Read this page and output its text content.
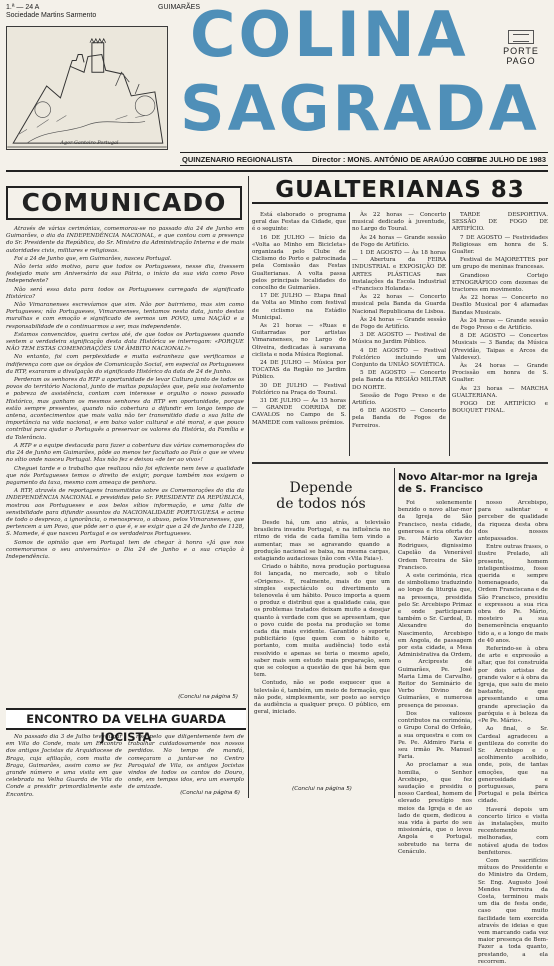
1.ª — 24 A
Sociedade Martins Sarmento
GUIMARÃES
Agor Ganteiro Portugal
COLINA
SAGRADA
PORTE
PAGO
QUINZENARIO REGIONALISTA	Director : MONS. ANTÓNIO DE ARAÚJO COSTA
15 DE JULHO DE 1983
COMUNICADO

Através de várias cerimónias, comemorou-se no passado dia 24 de Junho em Guimarães, o dia da INDEPENDÊNCIA NACIONAL, e que contou com a presença do Sr. Presidente da República, do Sr. Ministro da Administração Interna e de mais autoridades civis, militares e religiosas.

Foi a 24 de Junho que, em Guimarães, nasceu Portugal.

Não teria sido motivo, para que todos os Portugueses, nesse dia, tivessem festejado mais um Aniversário da sua Pátria, o início da sua vida como Povo Independente?

Não será essa data para todos os Portugueses carregada de significado Histórico?

Não Vimaranenses escrevíamos que sim. Não por bairrismo, mas sim como Portugueses; não Portugueses, Vimaranenses, tentamos nesta data, junto destas muralhas e com emoção e significado de sermos um POVO, uma NAÇÃO e a responsabilidade de o continuarmos a ser, mas independente.

Estamos convencidos, queira certos até, de que todos os Portugueses quando sentem a verdadeira significação desta data Histórica se interrogam: «PORQUE NÃO TEM ESTAS COMEMORAÇÕES UM ÂMBITO NACIONAL?»

No entanto, foi com perplexidade e muita estranheza que verificamos a indiferença com que os órgãos de Comunicação Social, em especial os Portugueses da RTP, exararam a divulgação do significado Histórico da data de 24 de Junho.

Perderam os senhores da RTP a oportunidade de levar Cultura junto de todos os povos do território Nacional, junto de muitas populações que, pela sua isolamento e pobreza de assistência, contam com interesse e orgulho o nosso passado Histórico, mas ganham os mesmos senhores da RTP em oportunidade, porque estão sempre presentes, quando não cobertura a difundir em longo tempo de antena, acontecimentos que mais valia não ter transmitido dada a sua falta de importância na vida nacional, e em baixo valor cultural e até moral, e que pouco contribui para ajudar o Português a preservar os valores da História, da Família e da Tolerância.

A RTP e a equipe destacada para fazer a cobertura das várias comemorações do dia 24 de Junho em Guimarães, pôde ao menos ter facultado ao País o que se viveu no sítio onde nasceu Portugal. Mas não fez e deixou «de ter ao vivo»!

Cheguei tarde e o trabalho que realizou não foi eficiente nem teve a qualidade que nós Portugueses temos o direito de exigir, porque também nos exigem o pagamento da taxa, mesmo com ameaça de penhora.

A RTP, através de reportagens transmitidas sobre as Comemorações do dia da INDEPENDÊNCIA NACIONAL e presididas pelo Sr. PRESIDENTE DA REPÚBLICA, mostrou aos Portugueses e aos belos sítios informação, e uma falta de sensibilidade para difundir assuntos da NACIONALIDADE PORTUGUESA e acima de todo o desprezo, a ignorância, o menosprezo, o abuso, pelos Vimaranenses, que pertencem a um Povo, que pôde ser o que é, e se exigir que a 24 de Junho de 1128, S. Mamede, é que nasceu Portugal e os verdadeiros Portugueses.

Somos de opinião que em Portugal tem de chegar à honra «Já que nos comemoramos o seu aniversário» o Dia 24 de Junho e a sua criação à Independência.

(Conclui na página 5)
GUALTERIANAS 83

Está elaborado o programa geral das Festas da Cidade, que é o seguinte:

16 DE JULHO — Início da «Volta ao Minho em Bicicleta» organizada pelo Clube de Ciclismo do Porto e patrocinada pela Comissão das Festas Gualterianas. A volta passa pelos principais localidades do concelho de Guimarães.

17 DE JULHO — Etapa final da Volta ao Minho com festival de ciclismo na Estádio Municipal.

As 21 horas — «Ruas e Guitarradas por artistas Vimaranenses, no Largo do Oliveira, dedicadas à saravana ciclista e noda Música Regional.

24 DE JULHO — Música por TOCATAS da Região no Jardim Público.

30 DE JULHO — Festival Folclórico na Praça do Toural.

31 DE JULHO — Às 15 horas — GRANDE CORRIDA DE CAVALOS no Campo de S. MAMEDE com valiosos prémios.

Às 22 horas — Concerto musical dedicado à juventude, no Largo do Toural.

Às 24 horas — Grande sessão de Fogo de Artifício.

1 DE AGOSTO — Às 18 horas — Abertura da FEIRA INDUSTRIAL e EXPOSIÇÃO DE ARTES PLÁSTICAS nas instalações da Escola Industrial «Francisco Holanda».

Às 22 horas — Concerto musical pela Banda da Guarda Nacional Republicana de Lisboa.

Às 24 horas — Grande sessão de Fogo de Artifício.

3 DE AGOSTO — Festival de Música no Jardim Público.

4 DE AGOSTO — Festival Folclórico incluindo um Conjunto da UNIÃO SOVIÉTICA.

5 DE AGOSTO — Concerto pela Banda da REGIÃO MILITAR DO NORTE.

Sessão de Fogo Preso e de Artifício.

6 DE AGOSTO — Concerto pela Banda de Fogos de Ferreiros.

TARDE DESPORTIVA. SESSÃO DE FOGO DE ARTIFÍCIO.

7 DE AGOSTO — Festividades Religiosas em honra de S. Gualter.

Festival de MAJORETTES por um grupo de meninas francesas.

Grandioso Cortejo ETNOGRÁFICO com dezenas de tractores em movimento.

Às 22 horas — Concerto no Desfilo Musical por 4 afamadas Bandas Musicais.

Às 24 horas — Grande sessão de Fogo Preso e de Artifício.

8 DE AGOSTO — Concertos Musicais — 3 Banda; da Música (Previdão, Taipas e Arcos de Valdevez).

Às 24 horas — Grande Procissão em honra de S. Gualter.

Às 23 horas — MARCHA GUALTERIANA.

FOGO DE ARTIFÍCIO e BOUQUET FINAL.

Depende
de todos nós

Desde há, um ano atrás, a televisão brasileira invadiu Portugal, e na influência no ritmo de vida de cada família tem vindo a aumentar, mas se agravando quando a produção nacional se baixa, na mesma cargas, estagiando audaciosas (não com «Vila Faia»).

Criado o hábito, nova produção portuguesa foi lançada, no mercado, sob o título «Origens». E, realmente, mais do que um simples espectáculo ou divertimento a telenovela é um hábito. Pouco importa a quem o produz e distribui que a qualidade caia, que os problemas tratados deixam muito a desejar quanto à verdade com que se apresentam, que o povo cuide de posta na produção se tome cada dia mais evidente. Garantido o suporte publicitário (que quem com o hábito e, portanto, com muita audiência) todo está resolvido e apenas se teria o mesmo apelo, saber mais sem estudo mais preparação, sem que se coloque a questão de que há bem que tem.

Contudo, não se pode esquecer que a televisão é, também, um meio de formação, que não pode, simplesmente, ser posto ao serviço da audiência a qualquer preço. O público, em geral, iniciado.

(Conclui na página 5)
Novo Altar-mor na Igreja de S. Francisco

Foi solenemente benzido o novo altar-mor da Igreja de São Francisco, nesta cidade, generosa e rica oferta do Pe. Mário Xavier Rodrigues, dignissimo Capelão da Venerável Ordem Terceira de São Francisco.

A este cerimónia, rica de simbolismo traduzindo ao longo da liturgia que, na presença, presidida pelo Sr. Arcebispo Primaz e onde participaram também o Sr. Cardeal, D. Alexandre do Nascimento, Arcebispo em Angola, de passagem por esta cidade, a Mesa Administrativa da Ordem, o Arcipreste de Guimarães, Pe. José Maria Lima de Carvalho, Reitor do Seminário de Verbo Divino de Guimarães, e numerosa presença de pessoas.

Dos valiosos contributos na cerimónia, o Grupo Coral do Orfeão, a sua orquestra e com os Pe. Pe. Aldmiro Faria e seu irmão Pe. Manuel Faria.

Ao proclamar a sua homilia, o Senhor Arcebispo, que fez saudação e presidiu o nosso Cardeal, homem de elevado prestígio nos meios da Igreja e de ao lado de quem, dedicou a sua vida à parte do seu missionária, que o levou Angola e Portugal, sobretudo na terra de Cenáculo.

nosso Arcebispo, para salientar e perceber de qualidade da riqueza desta obra dos nossos antepassados.

Entre outras frases, o ilustre Prelado, ali presente, homem inteligentíssimo, fosse querida e sempre homenageado, da Ordem Franciscana e de São Francisco, presidiu e expressou a sua rica obra do Pe. Mário, mosteiro a sua benemerência enquanto tido a, e a longo de mais de 40 anos.

Referindo-se à obra de arte e expressão a altar, que foi construída por dois artistas de grande valor e à obra da Igreja, que saiu de meio bastante, que apresentando e uma grande apreciação da paróquia e à beleza da «Pe Pe. Mário».

Ao final, o Sr. Cardeal agradeceu a gentileza do convite do Sr. Arcebispo e o acolhimento acolhido, onde, pois, de tantas emoções, que na generosidade e portuguesas, para Portugal e pela ibérica cidade.

Haverá depois um concerto lírico e visita às instalações, muito recentemente melhoradas, com notável ajuda de todos benfeitores.

Com sacrifícios mútuos do Presidente e do Ministro da Ordem, Sr. Eng. Augusto José Mendes Ferreira da Costa, terminou mais um dia de festa onde, caso que muito facilidade tem exercida através de ideias e que vem marcando cada vez maior presença de Bem-Fazer a toda quanto, prestando, a ela recorrem.

ENCONTRO DA VELHA GUARDA JOCISTA

No passado dia 3 de Julho teve lugar em Vila do Conde, mais um Encontro dos antigos Jocistas da Arquidiocese de Braga, cuja afiliação, com muita de Braga, Guimarães, assim como se fez grande número e uma visita em que celebrada na Velha Guarda de Vila do Conde a presidir primordialmente este Encontro.

ros, pelo que diligentemente tem de trabalhar cuidadosamente nos nossos perdidos. No tempo de mandá, começaram a juntar-se no Centro Paroquial de Vila, os antigos Jocistas vindos de todos os cantos do Douro, onde, em tempos idos, era um exemplo de amizade.

(Conclui na página 6)
